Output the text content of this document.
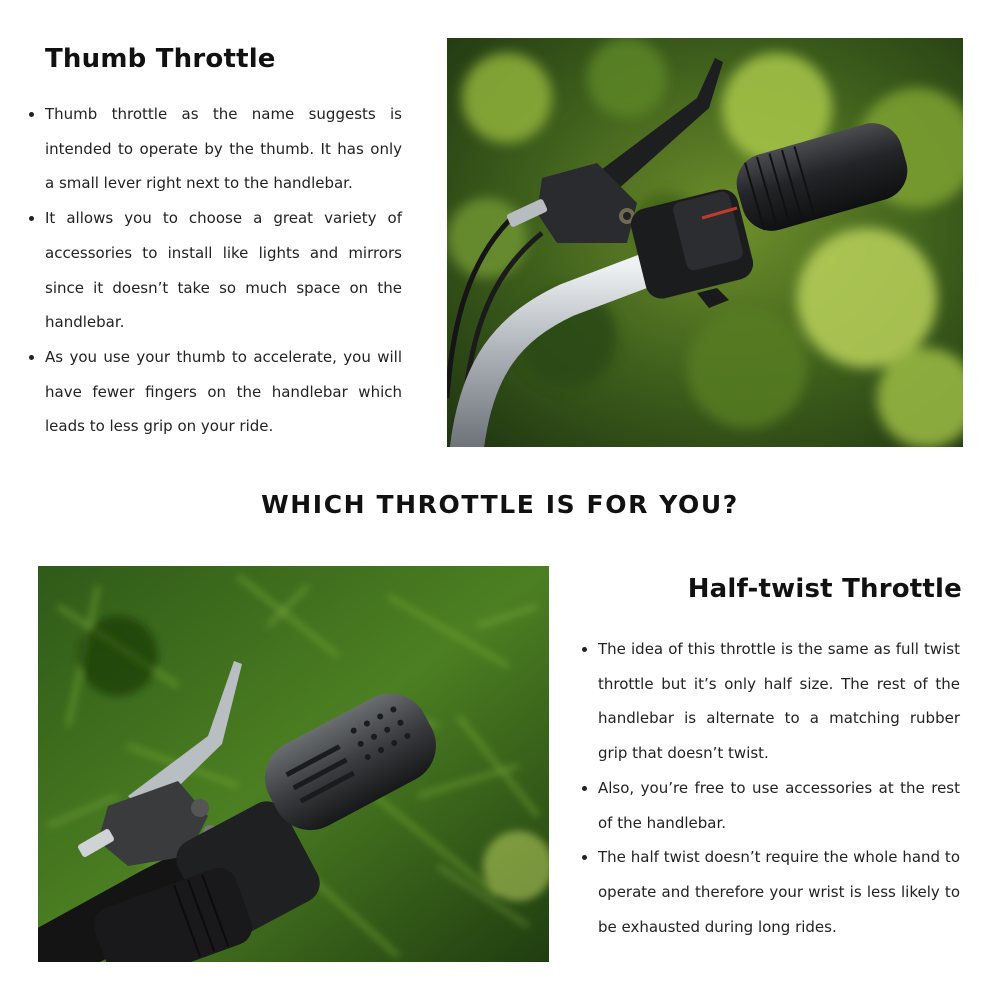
Thumb Throttle
Thumb throttle as the name suggests is intended to operate by the thumb. It has only a small lever right next to the handlebar.
It allows you to choose a great variety of accessories to install like lights and mirrors since it doesn’t take so much space on the handlebar.
As you use your thumb to accelerate, you will have fewer fingers on the handlebar which leads to less grip on your ride.
WHICH THROTTLE IS FOR YOU?
Half-twist Throttle
The idea of this throttle is the same as full twist throttle but it’s only half size. The rest of the handlebar is alternate to a matching rubber grip that doesn’t twist.
Also, you’re free to use accessories at the rest of the handlebar.
The half twist doesn’t require the whole hand to operate and therefore your wrist is less likely to be exhausted during long rides.
